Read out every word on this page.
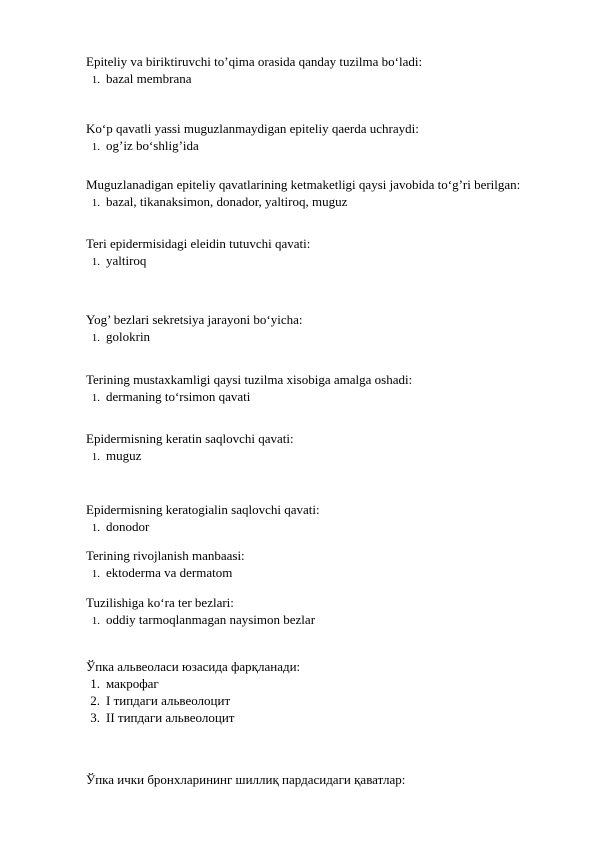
Epiteliy va biriktiruvchi to’qima orasida qanday tuzilma bo‘ladi:
1. bazal membrana
Ko‘p qavatli yassi muguzlanmaydigan epiteliy qaerda uchraydi:
1. og’iz bo‘shlig’ida
Muguzlanadigan epiteliy qavatlarining ketmaketligi qaysi javobida to‘g’ri berilgan:
1. bazal, tikanaksimon, donador, yaltiroq, muguz
Teri epidermisidagi eleidin tutuvchi qavati:
1. yaltiroq
Yog’ bezlari sekretsiya jarayoni bo‘yicha:
1. golokrin
Terining mustaxkamligi qaysi tuzilma xisobiga amalga oshadi:
1. dermaning to‘rsimon qavati
Epidermisning keratin saqlovchi qavati:
1. muguz
Epidermisning keratogialin saqlovchi qavati:
1. donodor
Terining rivojlanish manbaasi:
1. ektoderma va dermatom
Tuzilishiga ko‘ra ter bezlari:
1. oddiy tarmoqlanmagan naysimon bezlar
Ўпка альвеоласи юзасида фарқланади:
1. макрофаг
2. I типдаги альвеолоцит
3. II типдаги альвеолоцит
Ўпка ички бронхларининг шиллиқ пардасидаги қаватлар:
